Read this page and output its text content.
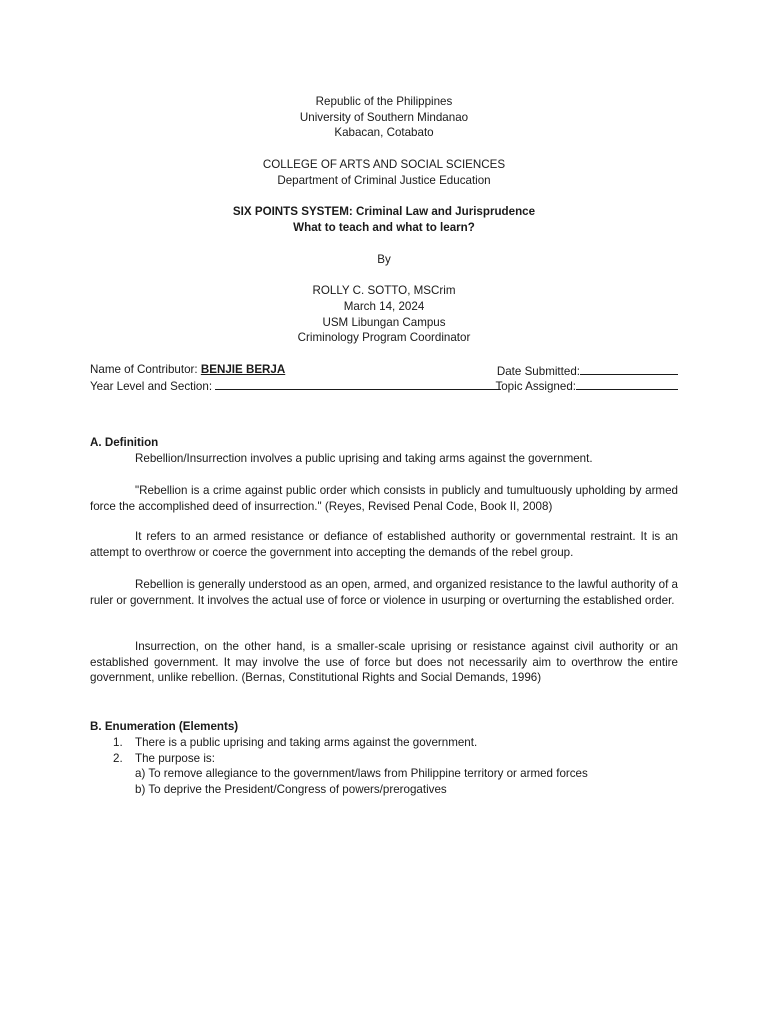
Republic of the Philippines
University of Southern Mindanao
Kabacan, Cotabato
COLLEGE OF ARTS AND SOCIAL SCIENCES
Department of Criminal Justice Education
SIX POINTS SYSTEM: Criminal Law and Jurisprudence
What to teach and what to learn?
By
ROLLY C. SOTTO, MSCrim
March 14, 2024
USM Libungan Campus
Criminology Program Coordinator
Name of Contributor: BENJIE BERJA	Date Submitted:
Year Level and Section:	Topic Assigned:
A. Definition
Rebellion/Insurrection involves a public uprising and taking arms against the government.
"Rebellion is a crime against public order which consists in publicly and tumultuously upholding by armed force the accomplished deed of insurrection." (Reyes, Revised Penal Code, Book II, 2008)
It refers to an armed resistance or defiance of established authority or governmental restraint. It is an attempt to overthrow or coerce the government into accepting the demands of the rebel group.
Rebellion is generally understood as an open, armed, and organized resistance to the lawful authority of a ruler or government. It involves the actual use of force or violence in usurping or overturning the established order.
Insurrection, on the other hand, is a smaller-scale uprising or resistance against civil authority or an established government. It may involve the use of force but does not necessarily aim to overthrow the entire government, unlike rebellion. (Bernas, Constitutional Rights and Social Demands, 1996)
B. Enumeration (Elements)
1. There is a public uprising and taking arms against the government.
2. The purpose is:
a) To remove allegiance to the government/laws from Philippine territory or armed forces
b) To deprive the President/Congress of powers/prerogatives
